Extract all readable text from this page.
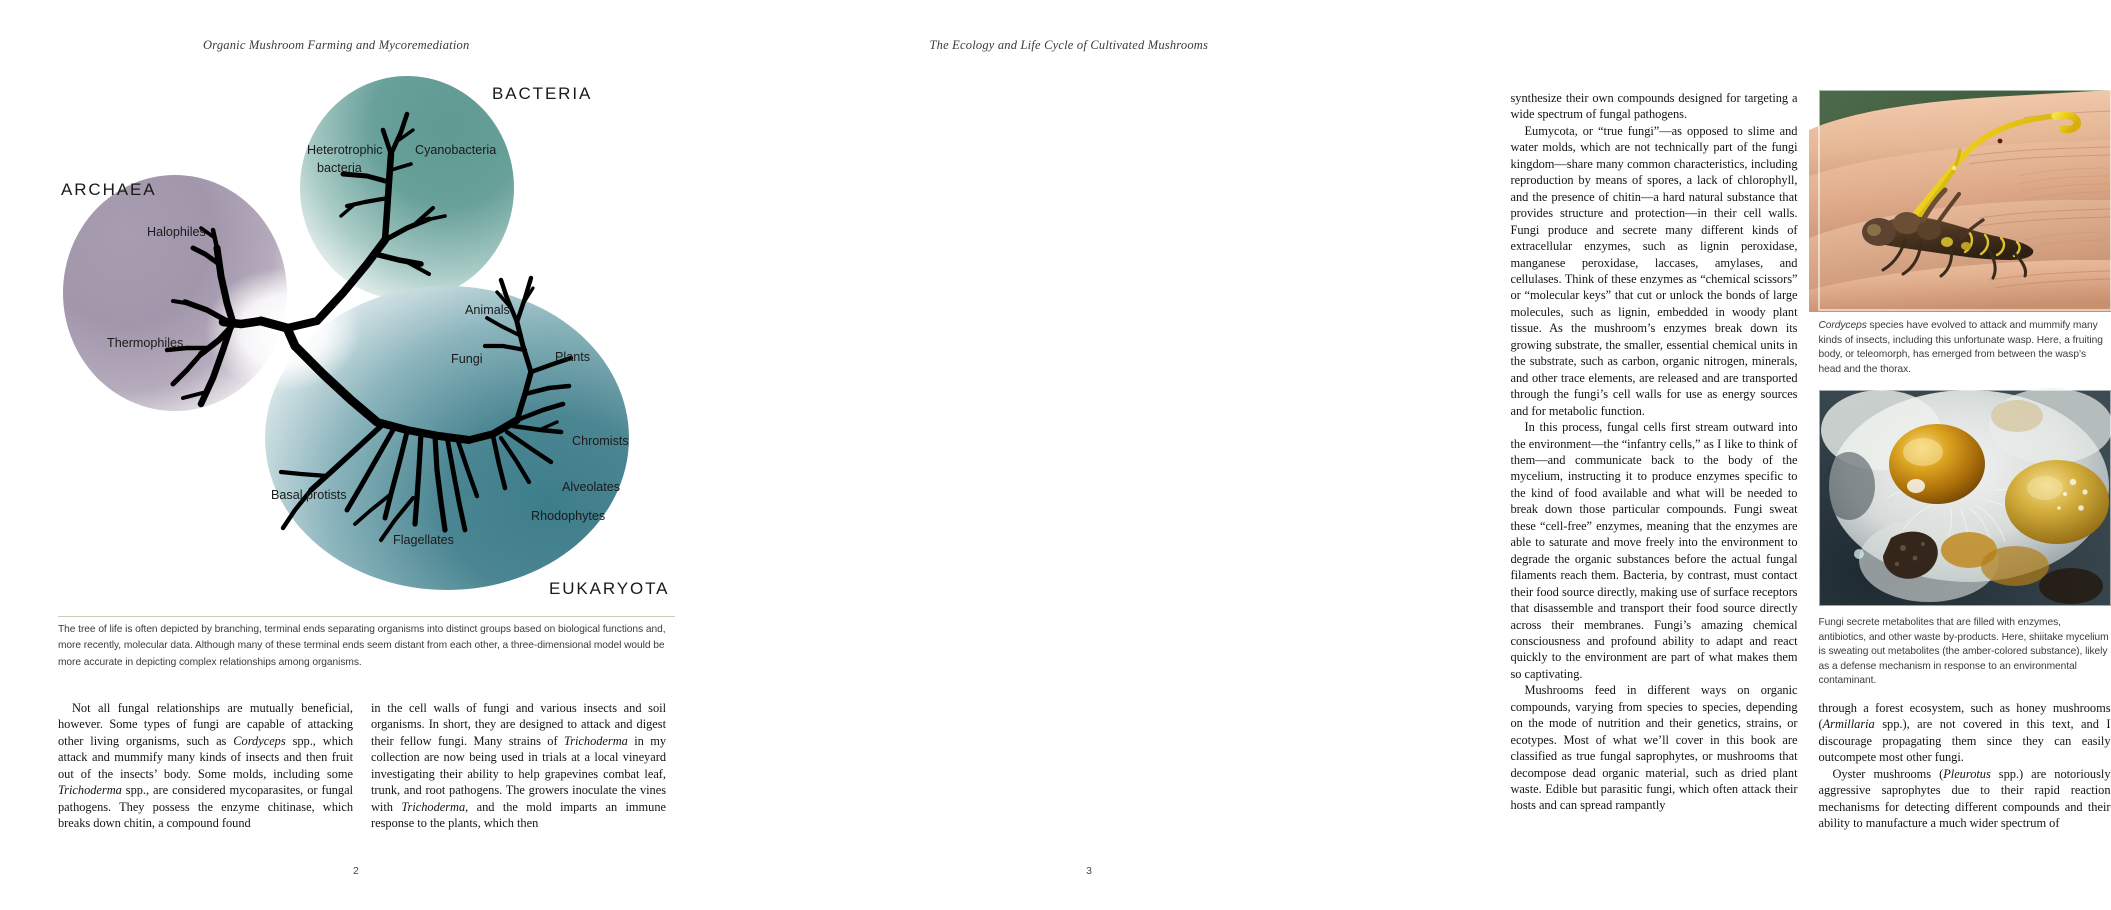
Organic Mushroom Farming and Mycoremediation
ARCHAEA
BACTERIA
EUKARYOTA
Halophiles
Thermophiles
Heterotrophic
bacteria
Cyanobacteria
Animals
Fungi	Plants
Chromists
Alveolates
Rhodophytes
Flagellates
Basal protists
The tree of life is often depicted by branching, terminal ends separating organisms into distinct groups based on biological functions and, more recently, molecular data. Although many of these terminal ends seem distant from each other, a three-dimensional model would be more accurate in depicting complex relationships among organisms.

Not all fungal relationships are mutually beneficial, however. Some types of fungi are capable of attacking other living organisms, such as Cordyceps spp., which attack and mummify many kinds of insects and then fruit out of the insects’ body. Some molds, including some Trichoderma spp., are considered mycoparasites, or fungal pathogens. They possess the enzyme chitinase, which breaks down chitin, a compound found

in the cell walls of fungi and various insects and soil organisms. In short, they are designed to attack and digest their fellow fungi. Many strains of Trichoderma in my collection are now being used in trials at a local vineyard investigating their ability to help grapevines combat leaf, trunk, and root pathogens. The growers inoculate the vines with Trichoderma, and the mold imparts an immune response to the plants, which then

2
The Ecology and Life Cycle of Cultivated Mushrooms

synthesize their own compounds designed for targeting a wide spectrum of fungal pathogens.

Eumycota, or “true fungi”—as opposed to slime and water molds, which are not technically part of the fungi kingdom—share many common characteristics, including reproduction by means of spores, a lack of chlorophyll, and the presence of chitin—a hard natural substance that provides structure and protection—in their cell walls. Fungi produce and secrete many different kinds of extracellular enzymes, such as lignin peroxidase, manganese peroxidase, laccases, amylases, and cellulases. Think of these enzymes as “chemical scissors” or “molecular keys” that cut or unlock the bonds of large molecules, such as lignin, embedded in woody plant tissue. As the mushroom’s enzymes break down its growing substrate, the smaller, essential chemical units in the substrate, such as carbon, organic nitrogen, minerals, and other trace elements, are released and are transported through the fungi’s cell walls for use as energy sources and for metabolic function.

In this process, fungal cells first stream outward into the environment—the “infantry cells,” as I like to think of them—and communicate back to the body of the mycelium, instructing it to produce enzymes specific to the kind of food available and what will be needed to break down those particular compounds. Fungi sweat these “cell-free” enzymes, meaning that the enzymes are able to saturate and move freely into the environment to degrade the organic substances before the actual fungal filaments reach them. Bacteria, by contrast, must contact their food source directly, making use of surface receptors that disassemble and transport their food source directly across their membranes. Fungi’s amazing chemical consciousness and profound ability to adapt and react quickly to the environment are part of what makes them so captivating.

Mushrooms feed in different ways on organic compounds, varying from species to species, depending on the mode of nutrition and their genetics, strains, or ecotypes. Most of what we’ll cover in this book are classified as true fungal saprophytes, or mushrooms that decompose dead organic material, such as dried plant waste. Edible but parasitic fungi, which often attack their hosts and can spread rampantly

Cordyceps species have evolved to attack and mummify many kinds of insects, including this unfortunate wasp. Here, a fruiting body, or teleomorph, has emerged from between the wasp’s head and the thorax.
Fungi secrete metabolites that are filled with enzymes, antibiotics, and other waste by-products. Here, shiitake mycelium is sweating out metabolites (the amber-colored substance), likely as a defense mechanism in response to an environmental contaminant.

through a forest ecosystem, such as honey mushrooms (Armillaria spp.), are not covered in this text, and I discourage propagating them since they can easily outcompete most other fungi.

Oyster mushrooms (Pleurotus spp.) are notoriously aggressive saprophytes due to their rapid reaction mechanisms for detecting different compounds and their ability to manufacture a much wider spectrum of

3
